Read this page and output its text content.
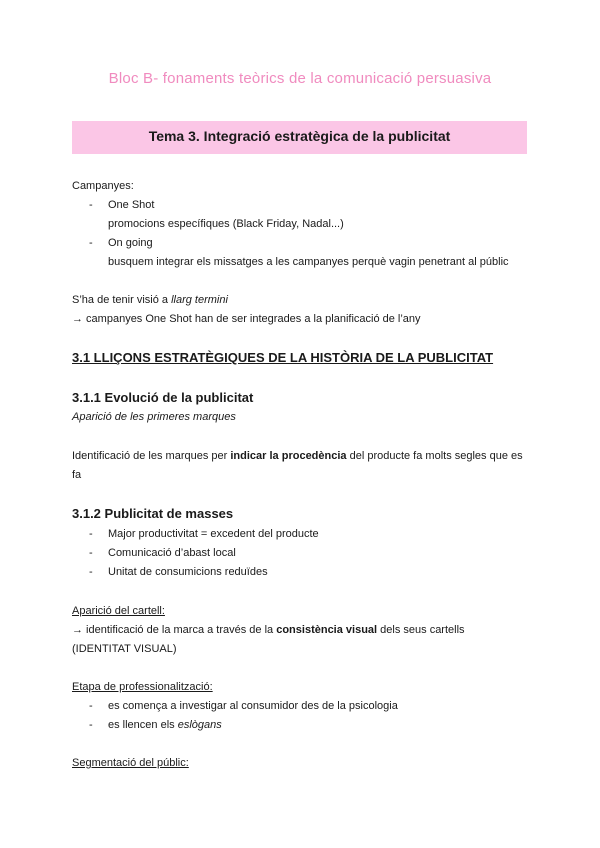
Bloc B- fonaments teòrics de la comunicació persuasiva
Tema 3. Integració estratègica de la publicitat
Campanyes:
- One Shot
promocions específiques (Black Friday, Nadal...)
- On going
busquem integrar els missatges a les campanyes perquè vagin penetrant al públic
S’ha de tenir visió a llarg termini
→ campanyes One Shot han de ser integrades a la planificació de l’any
3.1 LLIÇONS ESTRATÈGIQUES DE LA HISTÒRIA DE LA PUBLICITAT
3.1.1 Evolució de la publicitat
Aparició de les primeres marques
Identificació de les marques per indicar la procedència del producte fa molts segles que es
fa
3.1.2 Publicitat de masses
- Major productivitat = excedent del producte
- Comunicació d’abast local
- Unitat de consumicions reduïdes
Aparició del cartell:
→ identificació de la marca a través de la consistència visual dels seus cartells
(IDENTITAT VISUAL)
Etapa de professionalització:
- es comença a investigar al consumidor des de la psicologia
- es llencen els eslògans
Segmentació del públic:
